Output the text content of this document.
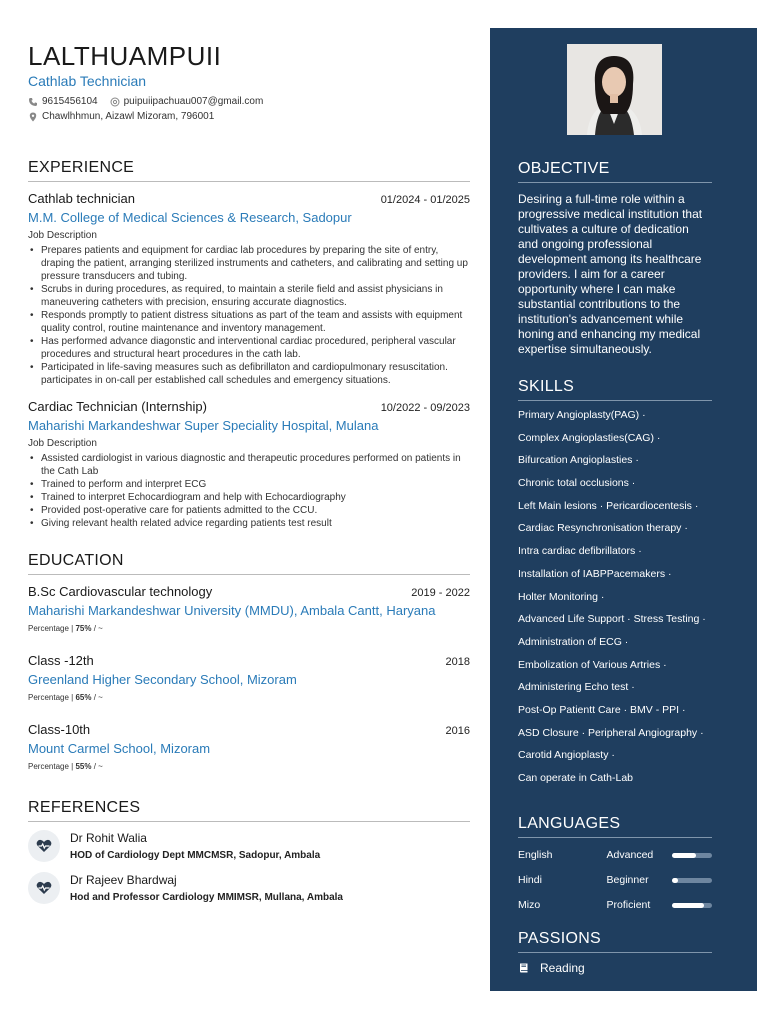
LALTHUAMPUII
Cathlab Technician
9615456104	puipuiipachuau007@gmail.com
Chawlhhmun, Aizawl Mizoram, 796001
EXPERIENCE
Cathlab technician	01/2024 - 01/2025
M.M. College of Medical Sciences & Research, Sadopur
Job Description
• Prepares patients and equipment for cardiac lab procedures by preparing the site of entry, draping the patient, arranging sterilized instruments and catheters, and calibrating and setting up pressure transducers and tubing.
• Scrubs in during procedures, as required, to maintain a sterile field and assist physicians in maneuvering catheters with precision, ensuring accurate diagnostics.
• Responds promptly to patient distress situations as part of the team and assists with equipment quality control, routine maintenance and inventory management.
• Has performed advance diagonstic and interventional cardiac procedured, peripheral vascular procedures and structural heart procedures in the cath lab.
• Participated in life-saving measures such as defibrillaton and cardiopulmonary resuscitation. participates in on-call per established call schedules and emergency situations.
Cardiac Technician (Internship)	10/2022 - 09/2023
Maharishi Markandeshwar Super Speciality Hospital, Mulana
Job Description
• Assisted cardiologist in various diagnostic and therapeutic procedures performed on patients in the Cath Lab
• Trained to perform and interpret ECG
• Trained to interpret Echocardiogram and help with Echocardiography
• Provided post-operative care for patients admitted to the CCU.
• Giving relevant health related advice regarding patients test result
EDUCATION
B.Sc Cardiovascular technology	2019 - 2022
Maharishi Markandeshwar University (MMDU), Ambala Cantt, Haryana
Percentage | 75% / ~
Class -12th	2018
Greenland Higher Secondary School, Mizoram
Percentage | 65% / ~
Class-10th	2016
Mount Carmel School, Mizoram
Percentage | 55% / ~
REFERENCES
Dr Rohit Walia
HOD of Cardiology Dept MMCMSR, Sadopur, Ambala
Dr Rajeev Bhardwaj
Hod and Professor Cardiology MMIMSR, Mullana, Ambala
OBJECTIVE
Desiring a full-time role within a progressive medical institution that cultivates a culture of dedication and ongoing professional development among its healthcare providers. I aim for a career opportunity where I can make substantial contributions to the institution's advancement while honing and enhancing my medical expertise simultaneously.
SKILLS
Primary Angioplasty(PAG) ·
Complex Angioplasties(CAG) ·
Bifurcation Angioplasties ·
Chronic total occlusions ·
Left Main lesions · Pericardiocentesis ·
Cardiac Resynchronisation therapy ·
Intra cardiac defibrillators ·
Installation of IABPPacemakers ·
Holter Monitoring ·
Advanced Life Support · Stress Testing ·
Administration of ECG ·
Embolization of Various Artries ·
Administering Echo test ·
Post-Op Patientt Care · BMV - PPI ·
ASD Closure · Peripheral Angiography ·
Carotid Angioplasty ·
Can operate in Cath-Lab
LANGUAGES
English	Advanced
Hindi	Beginner
Mizo	Proficient
PASSIONS
Reading
